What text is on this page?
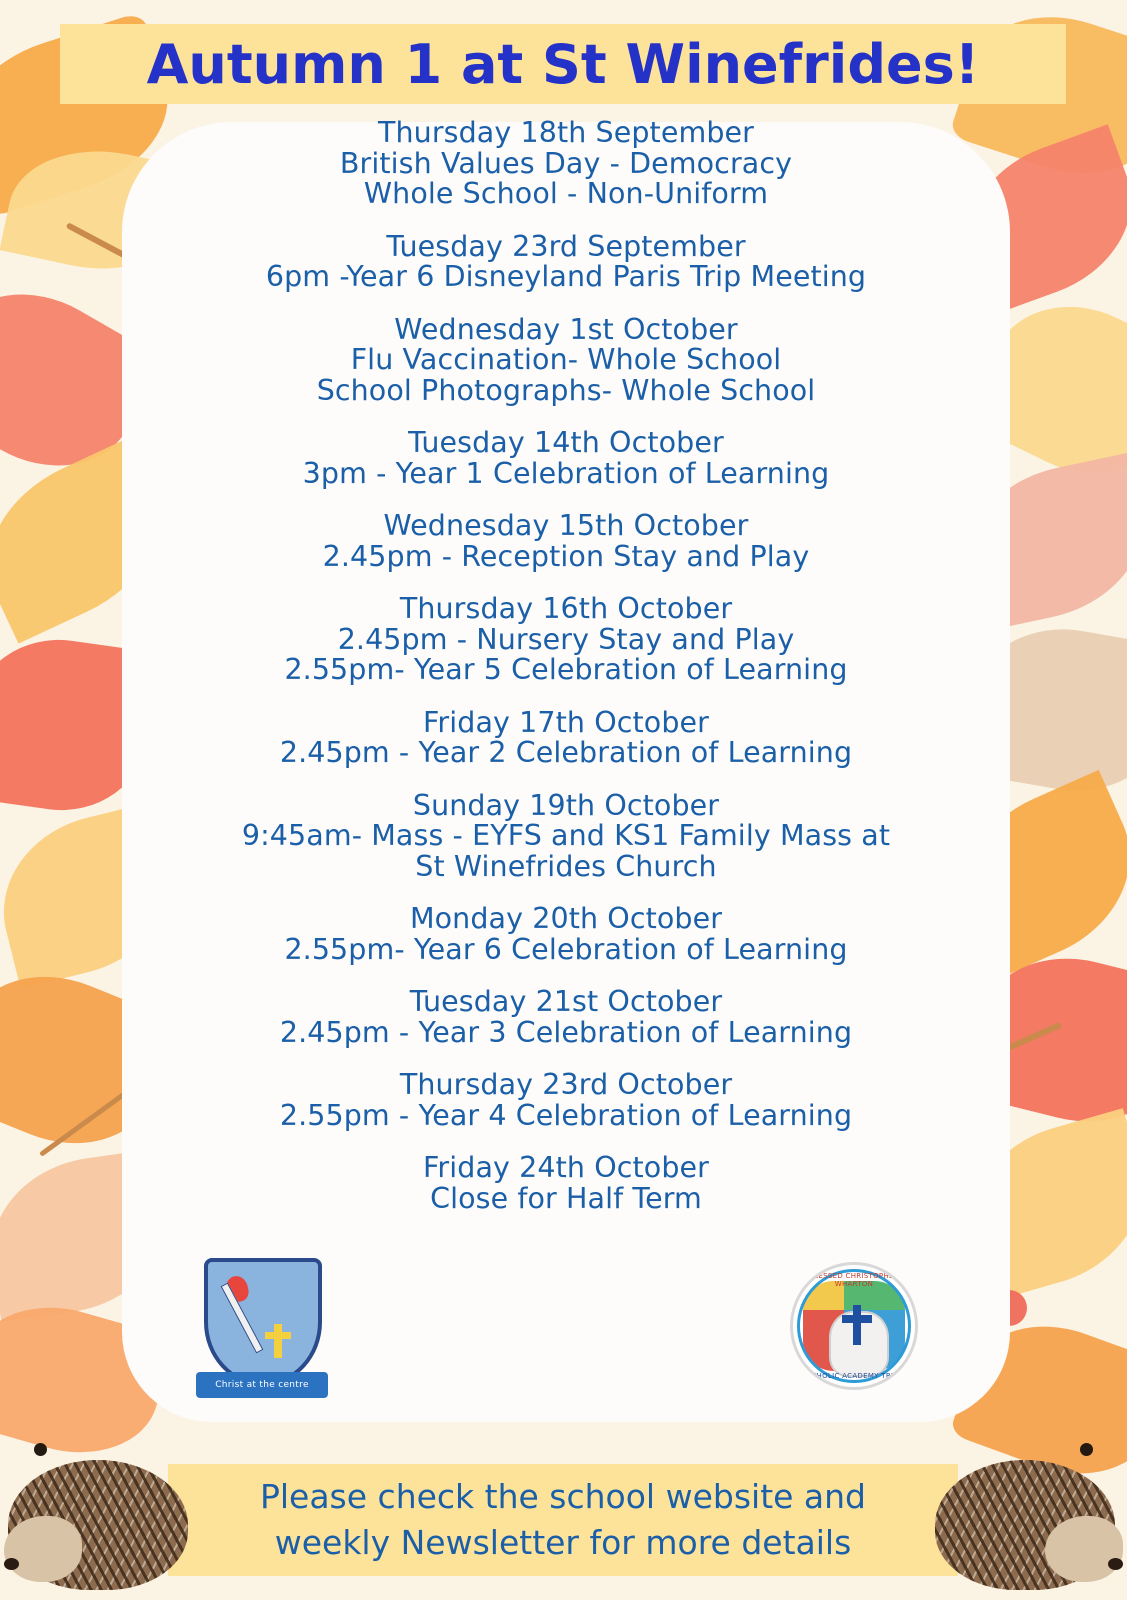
Autumn 1 at St Winefrides!
Thursday 18th September
British Values Day - Democracy
Whole School - Non-Uniform
Tuesday 23rd September
6pm -Year 6 Disneyland Paris Trip Meeting
Wednesday 1st October
Flu Vaccination- Whole School
School Photographs- Whole School
Tuesday 14th October
3pm - Year 1 Celebration of Learning
Wednesday 15th October
2.45pm - Reception Stay and Play
Thursday 16th October
2.45pm - Nursery Stay and Play
2.55pm- Year 5 Celebration of Learning
Friday 17th October
2.45pm - Year 2 Celebration of Learning
Sunday 19th October
9:45am- Mass - EYFS and KS1 Family Mass at
St Winefrides Church
Monday 20th October
2.55pm- Year 6 Celebration of Learning
Tuesday 21st October
2.45pm - Year 3 Celebration of Learning
Thursday 23rd October
2.55pm - Year 4 Celebration of Learning
Friday 24th October
Close for Half Term
Christ at the centre
BLESSED CHRISTOPHER WHARTON
CATHOLIC ACADEMY TRUST
Please check the school website and
weekly Newsletter for more details
